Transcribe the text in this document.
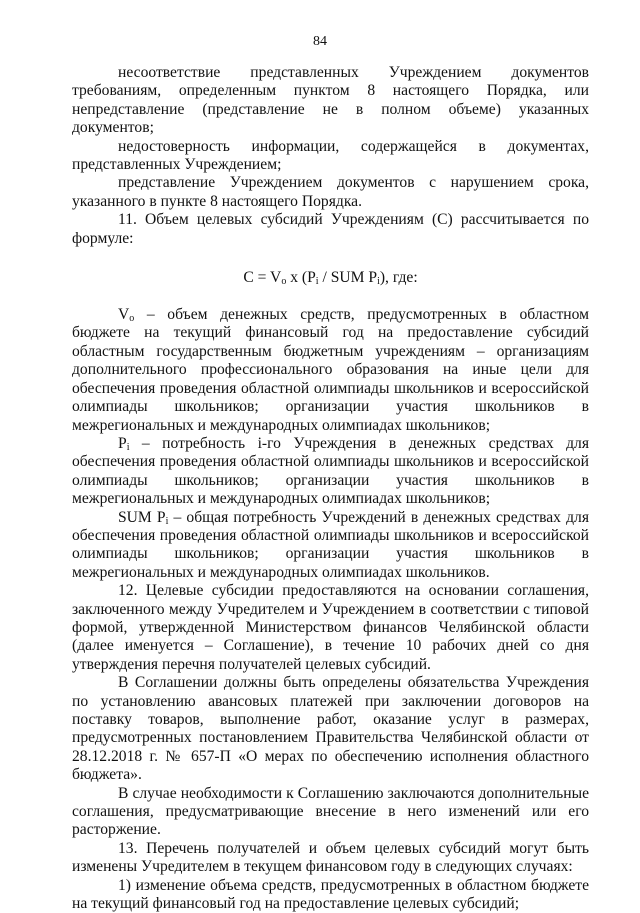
84

несоответствие представленных Учреждением документов требованиям, определенным пунктом 8 настоящего Порядка, или непредставление (представление не в полном объеме) указанных документов;

недостоверность информации, содержащейся в документах, представленных Учреждением;

представление Учреждением документов с нарушением срока, указанного в пункте 8 настоящего Порядка.

11. Объем целевых субсидий Учреждениям (С) рассчитывается по формуле:

$C = V_o$ x ($P_i$ / SUM $P_i$), где:

$V_o$ – объем денежных средств, предусмотренных в областном бюджете на текущий финансовый год на предоставление субсидий областным государственным бюджетным учреждениям – организациям дополнительного профессионального образования на иные цели для обеспечения проведения областной олимпиады школьников и всероссийской олимпиады школьников; организации участия школьников в межрегиональных и международных олимпиадах школьников;

$P_i$ – потребность i-го Учреждения в денежных средствах для обеспечения проведения областной олимпиады школьников и всероссийской олимпиады школьников; организации участия школьников в межрегиональных и международных олимпиадах школьников;

SUM $P_i$ – общая потребность Учреждений в денежных средствах для обеспечения проведения областной олимпиады школьников и всероссийской олимпиады школьников; организации участия школьников в межрегиональных и международных олимпиадах школьников.

12. Целевые субсидии предоставляются на основании соглашения, заключенного между Учредителем и Учреждением в соответствии с типовой формой, утвержденной Министерством финансов Челябинской области (далее именуется – Соглашение), в течение 10 рабочих дней со дня утверждения перечня получателей целевых субсидий.

В Соглашении должны быть определены обязательства Учреждения по установлению авансовых платежей при заключении договоров на поставку товаров, выполнение работ, оказание услуг в размерах, предусмотренных постановлением Правительства Челябинской области от 28.12.2018 г. № 657-П «О мерах по обеспечению исполнения областного бюджета».

В случае необходимости к Соглашению заключаются дополнительные соглашения, предусматривающие внесение в него изменений или его расторжение.

13. Перечень получателей и объем целевых субсидий могут быть изменены Учредителем в текущем финансовом году в следующих случаях:

1) изменение объема средств, предусмотренных в областном бюджете на текущий финансовый год на предоставление целевых субсидий;
